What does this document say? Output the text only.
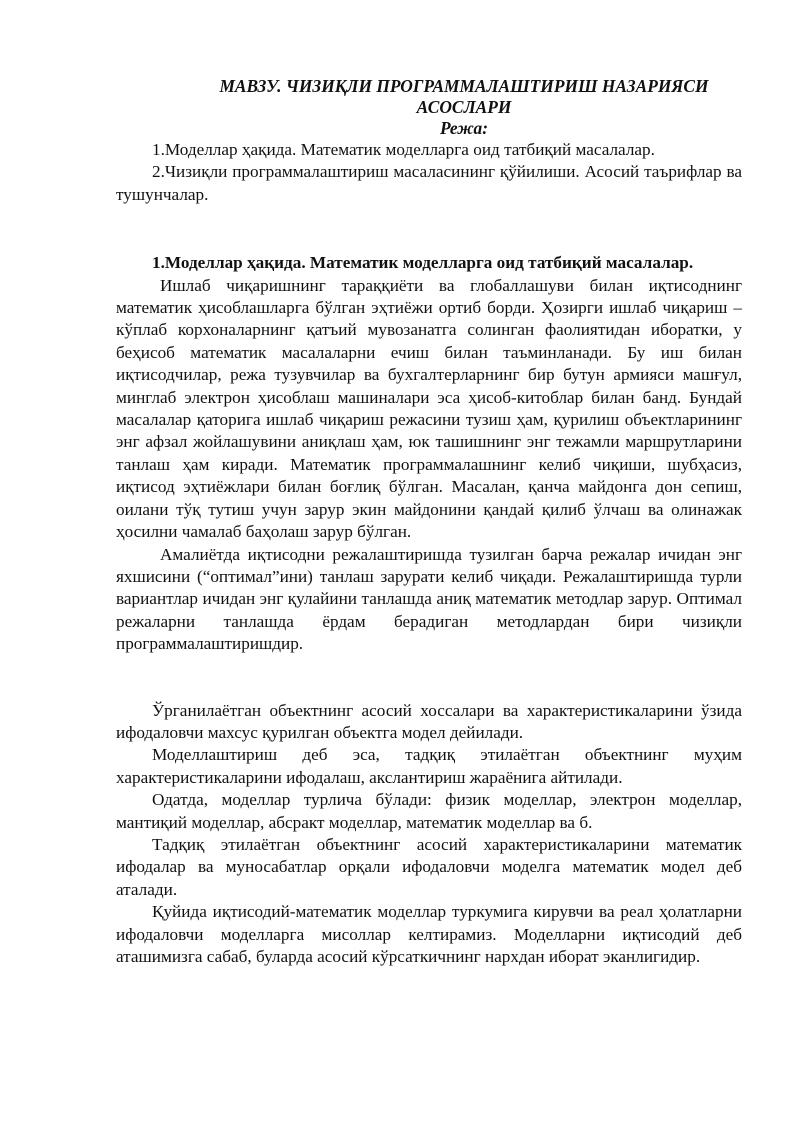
МАВЗУ. ЧИЗИҚЛИ ПРОГРАММАЛАШТИРИШ НАЗАРИЯСИ АСОСЛАРИ
Режа:

1.Моделлар ҳақида. Математик моделларга оид татбиқий масалалар.

2.Чизиқли программалаштириш масаласининг қўйилиши. Асосий таърифлар ва тушунчалар.

1.Моделлар ҳақида. Математик моделларга оид татбиқий масалалар.

Ишлаб чиқаришнинг тараққиёти ва глобаллашуви билан иқтисоднинг математик ҳисоблашларга бўлган эҳтиёжи ортиб борди. Ҳозирги ишлаб чиқариш – кўплаб корхоналарнинг қатъий мувозанатга солинган фаолиятидан иборатки, у беҳисоб математик масалаларни ечиш билан таъминланади. Бу иш билан иқтисодчилар, режа тузувчилар ва бухгалтерларнинг бир бутун армияси машғул, минглаб электрон ҳисоблаш машиналари эса ҳисоб-китоблар билан банд. Бундай масалалар қаторига ишлаб чиқариш режасини тузиш ҳам, қурилиш объектларининг энг афзал жойлашувини аниқлаш ҳам, юк ташишнинг энг тежамли маршрутларини танлаш ҳам киради. Математик программалашнинг келиб чиқиши, шубҳасиз, иқтисод эҳтиёжлари билан боғлиқ бўлган. Масалан, қанча майдонга дон сепиш, оилани тўқ тутиш учун зарур экин майдонини қандай қилиб ўлчаш ва олинажак ҳосилни чамалаб баҳолаш зарур бўлган.

Амалиётда иқтисодни режалаштиришда тузилган барча режалар ичидан энг яхшисини (“оптимал”ини) танлаш зарурати келиб чиқади. Режалаштиришда турли вариантлар ичидан энг қулайини танлашда аниқ математик методлар зарур. Оптимал режаларни танлашда ёрдам берадиган методлардан бири чизиқли программалаштиришдир.

Ўрганилаётган объектнинг асосий хоссалари ва характеристикаларини ўзида ифодаловчи махсус қурилган объектга модел дейилади.

Моделлаштириш деб эса, тадқиқ этилаётган объектнинг муҳим характеристикаларини ифодалаш, акслантириш жараёнига айтилади.

Одатда, моделлар турлича бўлади: физик моделлар, электрон моделлар, мантиқий моделлар, абсракт моделлар, математик моделлар ва б.

Тадқиқ этилаётган объектнинг асосий характеристикаларини математик ифодалар ва муносабатлар орқали ифодаловчи моделга математик модел деб аталади.

Қуйида иқтисодий-математик моделлар туркумига кирувчи ва реал ҳолатларни ифодаловчи моделларга мисоллар келтирамиз. Моделларни иқтисодий деб аташимизга сабаб, буларда асосий кўрсаткичнинг нархдан иборат эканлигидир.
